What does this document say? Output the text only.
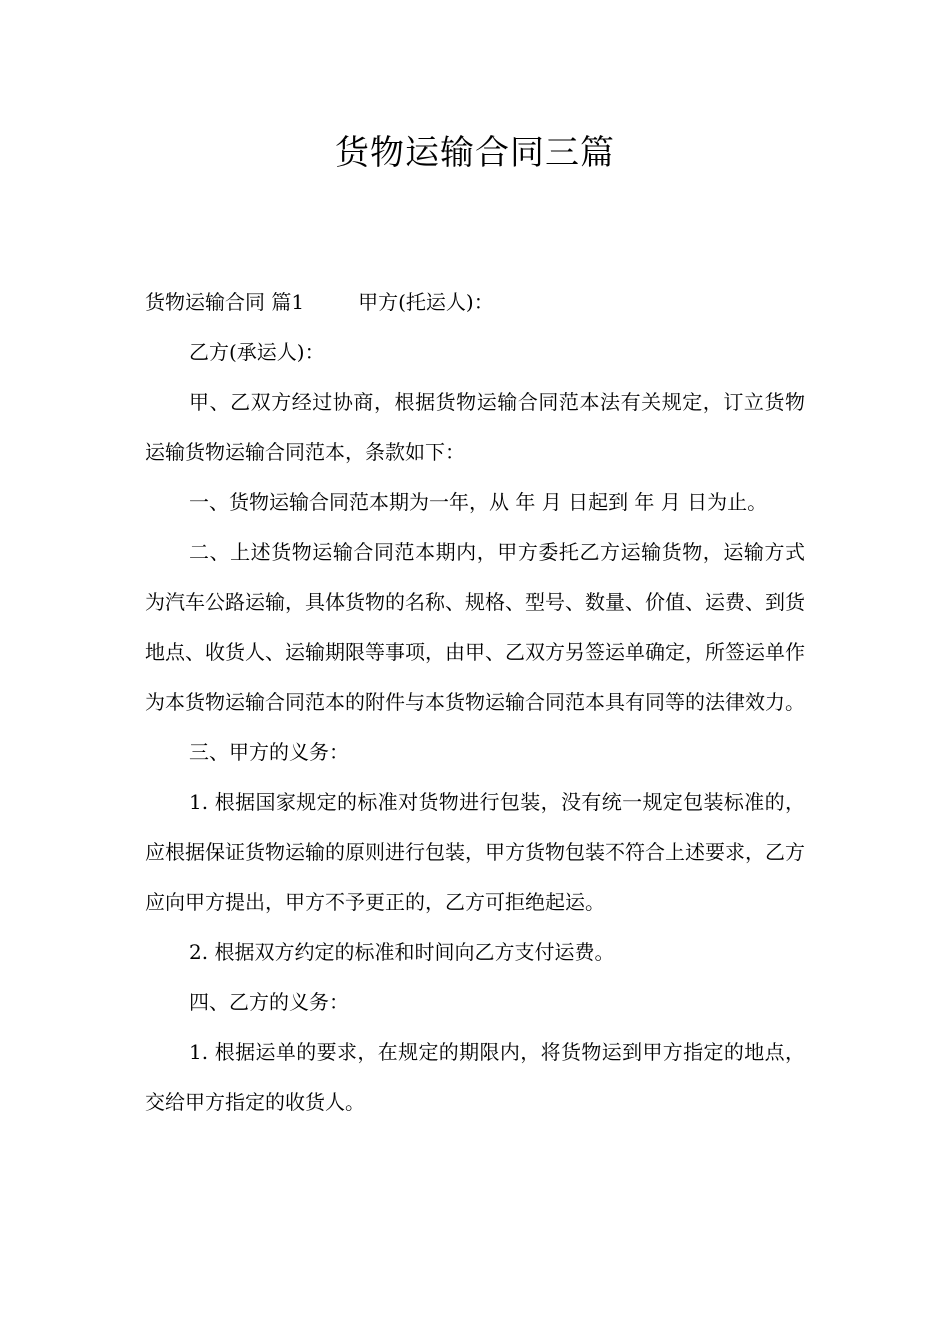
货物运输合同三篇

货物运输合同 篇1	甲方(托运人)：

乙方(承运人)：

甲、乙双方经过协商，根据货物运输合同范本法有关规定，订立货物运输货物运输合同范本，条款如下：

一、货物运输合同范本期为一年，从 年 月 日起到 年 月 日为止。

二、上述货物运输合同范本期内，甲方委托乙方运输货物，运输方式为汽车公路运输，具体货物的名称、规格、型号、数量、价值、运费、到货地点、收货人、运输期限等事项，由甲、乙双方另签运单确定，所签运单作为本货物运输合同范本的附件与本货物运输合同范本具有同等的法律效力。

三、甲方的义务：

1. 根据国家规定的标准对货物进行包装，没有统一规定包装标准的，应根据保证货物运输的原则进行包装，甲方货物包装不符合上述要求，乙方应向甲方提出，甲方不予更正的，乙方可拒绝起运。

2. 根据双方约定的标准和时间向乙方支付运费。

四、乙方的义务：

1. 根据运单的要求，在规定的期限内，将货物运到甲方指定的地点，交给甲方指定的收货人。
